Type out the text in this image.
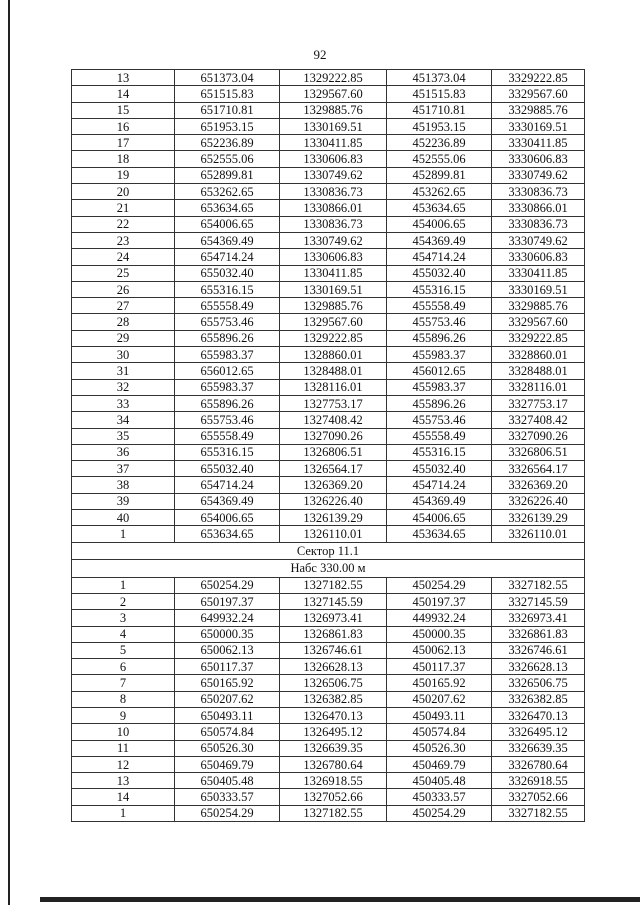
92
13	651373.04	1329222.85	451373.04	3329222.85
14	651515.83	1329567.60	451515.83	3329567.60
15	651710.81	1329885.76	451710.81	3329885.76
16	651953.15	1330169.51	451953.15	3330169.51
17	652236.89	1330411.85	452236.89	3330411.85
18	652555.06	1330606.83	452555.06	3330606.83
19	652899.81	1330749.62	452899.81	3330749.62
20	653262.65	1330836.73	453262.65	3330836.73
21	653634.65	1330866.01	453634.65	3330866.01
22	654006.65	1330836.73	454006.65	3330836.73
23	654369.49	1330749.62	454369.49	3330749.62
24	654714.24	1330606.83	454714.24	3330606.83
25	655032.40	1330411.85	455032.40	3330411.85
26	655316.15	1330169.51	455316.15	3330169.51
27	655558.49	1329885.76	455558.49	3329885.76
28	655753.46	1329567.60	455753.46	3329567.60
29	655896.26	1329222.85	455896.26	3329222.85
30	655983.37	1328860.01	455983.37	3328860.01
31	656012.65	1328488.01	456012.65	3328488.01
32	655983.37	1328116.01	455983.37	3328116.01
33	655896.26	1327753.17	455896.26	3327753.17
34	655753.46	1327408.42	455753.46	3327408.42
35	655558.49	1327090.26	455558.49	3327090.26
36	655316.15	1326806.51	455316.15	3326806.51
37	655032.40	1326564.17	455032.40	3326564.17
38	654714.24	1326369.20	454714.24	3326369.20
39	654369.49	1326226.40	454369.49	3326226.40
40	654006.65	1326139.29	454006.65	3326139.29
1	653634.65	1326110.01	453634.65	3326110.01
Сектор 11.1				
Набс 330.00 м				
1	650254.29	1327182.55	450254.29	3327182.55
2	650197.37	1327145.59	450197.37	3327145.59
3	649932.24	1326973.41	449932.24	3326973.41
4	650000.35	1326861.83	450000.35	3326861.83
5	650062.13	1326746.61	450062.13	3326746.61
6	650117.37	1326628.13	450117.37	3326628.13
7	650165.92	1326506.75	450165.92	3326506.75
8	650207.62	1326382.85	450207.62	3326382.85
9	650493.11	1326470.13	450493.11	3326470.13
10	650574.84	1326495.12	450574.84	3326495.12
11	650526.30	1326639.35	450526.30	3326639.35
12	650469.79	1326780.64	450469.79	3326780.64
13	650405.48	1326918.55	450405.48	3326918.55
14	650333.57	1327052.66	450333.57	3327052.66
1	650254.29	1327182.55	450254.29	3327182.55
